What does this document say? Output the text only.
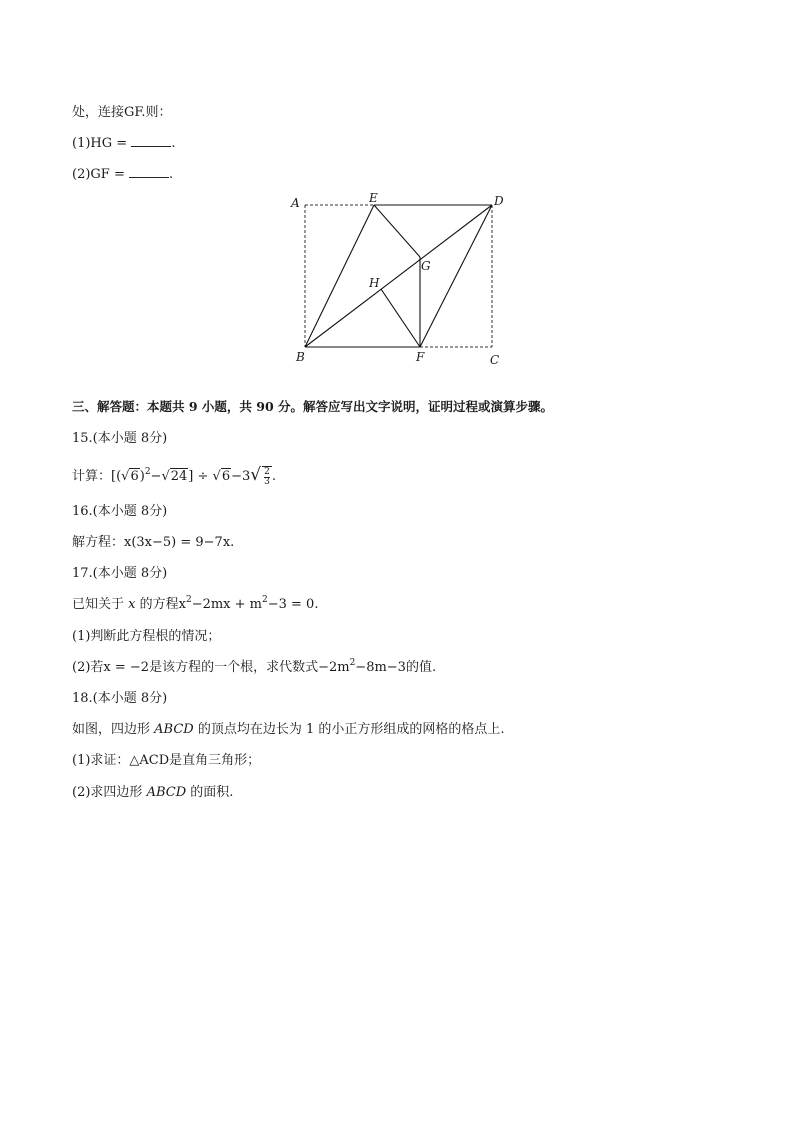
处，连接GF.则：
(1)HG =	.
(2)GF =	.
A	E	D
G
H
B	F	C
三、解答题：本题共 9 小题，共 90 分。解答应写出文字说明，证明过程或演算步骤。
15.(本小题 8分)
计算：$[(√6)^2-√24] \div √6-3√ \frac{2}{3}$ .
16.(本小题 8分)
解方程：x(3x−5) = 9−7x.
17.(本小题 8分)
已知关于 x 的方程$x^2-2mx + m^2-3 = 0$.
(1)判断此方程根的情况；
(2)若x = −2是该方程的一个根，求代数式$-2m^2-8m-3$的值.
18.(本小题 8分)
如图，四边形 ABCD 的顶点均在边长为 1 的小正方形组成的网格的格点上.
(1)求证：△ACD是直角三角形；
(2)求四边形 ABCD 的面积.
